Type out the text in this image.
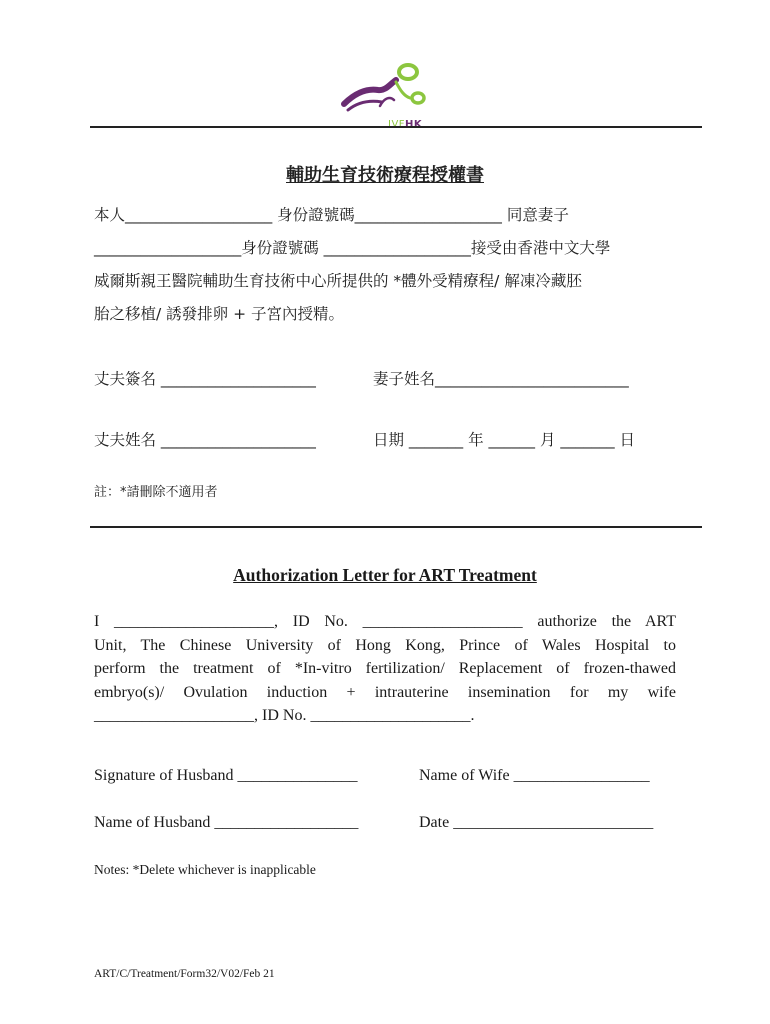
IVFHK
輔助生育技術療程授權書
本人___________________ 身份證號碼___________________ 同意妻子
___________________身份證號碼 ___________________接受由香港中文大學
威爾斯親王醫院輔助生育技術中心所提供的 *體外受精療程/ 解凍冷藏胚
胎之移植/ 誘發排卵 + 子宮內授精。
丈夫簽名 ____________________	妻子姓名_________________________
丈夫姓名 ____________________	日期 _______ 年 ______ 月 _______ 日
註：*請刪除不適用者
Authorization Letter for ART Treatment
I ____________________, ID No. ____________________ authorize the ART
Unit, The Chinese University of Hong Kong, Prince of Wales Hospital to
perform the treatment of *In-vitro fertilization/ Replacement of frozen-thawed
embryo(s)/ Ovulation induction + intrauterine insemination for my wife
____________________, ID No. ____________________.
Signature of Husband _______________	Name of Wife _________________
Name of Husband __________________	Date _________________________
Notes: *Delete whichever is inapplicable
ART/C/Treatment/Form32/V02/Feb 21
